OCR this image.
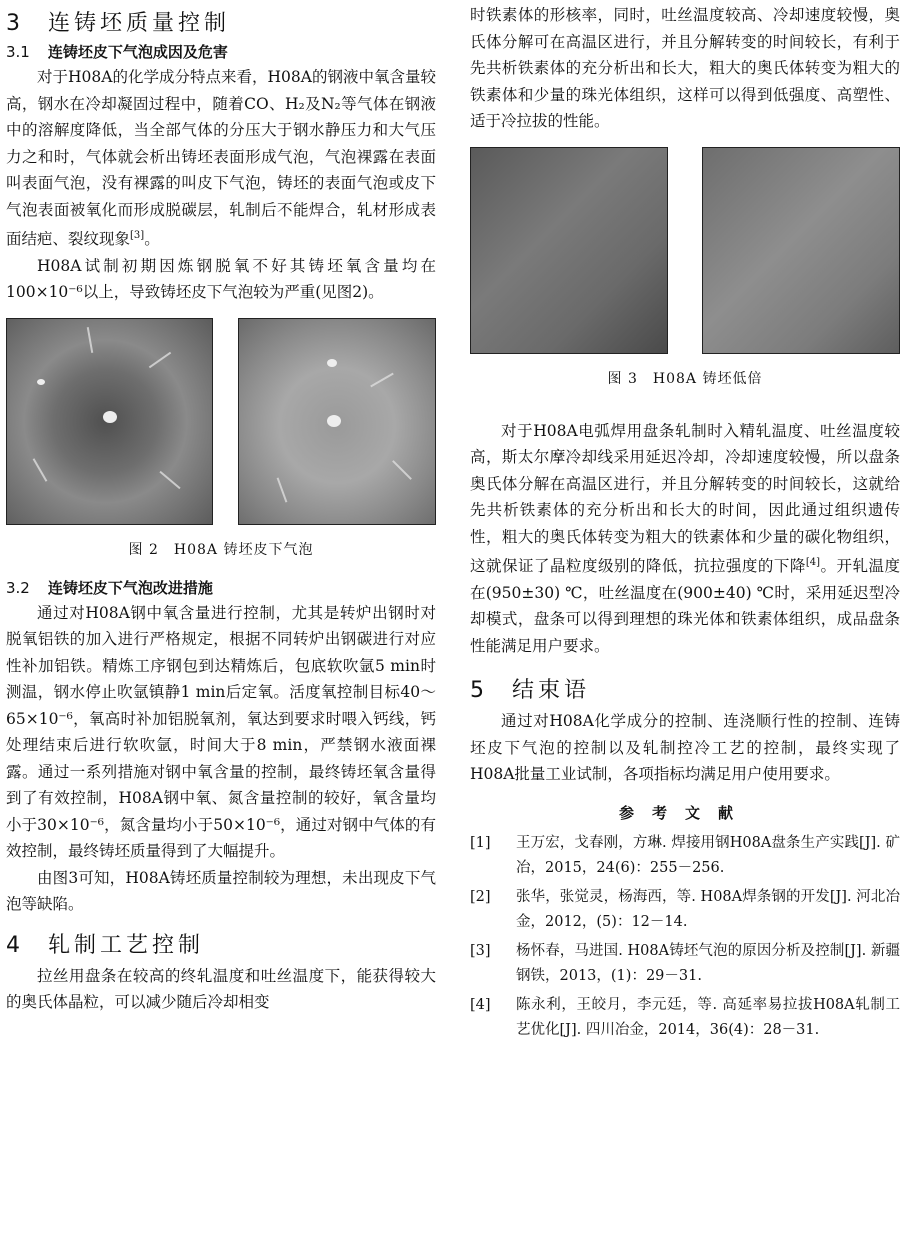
3 连铸坯质量控制
3.1 连铸坯皮下气泡成因及危害

对于H08A的化学成分特点来看，H08A的钢液中氧含量较高，钢水在冷却凝固过程中，随着CO、H₂及N₂等气体在钢液中的溶解度降低，当全部气体的分压大于钢水静压力和大气压力之和时，气体就会析出铸坯表面形成气泡，气泡裸露在表面叫表面气泡，没有裸露的叫皮下气泡，铸坯的表面气泡或皮下气泡表面被氧化而形成脱碳层，轧制后不能焊合，轧材形成表面结疤、裂纹现象[3]。

H08A试制初期因炼钢脱氧不好其铸坯氧含量均在100×10⁻⁶以上，导致铸坯皮下气泡较为严重(见图2)。

图 2　H08A 铸坯皮下气泡
3.2 连铸坯皮下气泡改进措施

通过对H08A钢中氧含量进行控制，尤其是转炉出钢时对脱氧铝铁的加入进行严格规定，根据不同转炉出钢碳进行对应性补加铝铁。精炼工序钢包到达精炼后，包底软吹氩5 min时测温，钢水停止吹氩镇静1 min后定氧。活度氧控制目标40～65×10⁻⁶，氧高时补加铝脱氧剂，氧达到要求时喂入钙线，钙处理结束后进行软吹氩，时间大于8 min，严禁钢水液面裸露。通过一系列措施对钢中氧含量的控制，最终铸坯氧含量得到了有效控制，H08A钢中氧、氮含量控制的较好，氧含量均小于30×10⁻⁶，氮含量均小于50×10⁻⁶，通过对钢中气体的有效控制，最终铸坯质量得到了大幅提升。

由图3可知，H08A铸坯质量控制较为理想，未出现皮下气泡等缺陷。

4 轧制工艺控制

拉丝用盘条在较高的终轧温度和吐丝温度下，能获得较大的奥氏体晶粒，可以减少随后冷却相变

时铁素体的形核率，同时，吐丝温度较高、冷却速度较慢，奥氏体分解可在高温区进行，并且分解转变的时间较长，有利于先共析铁素体的充分析出和长大，粗大的奥氏体转变为粗大的铁素体和少量的珠光体组织，这样可以得到低强度、高塑性、适于冷拉拔的性能。

图 3　H08A 铸坯低倍

对于H08A电弧焊用盘条轧制时入精轧温度、吐丝温度较高，斯太尔摩冷却线采用延迟冷却，冷却速度较慢，所以盘条奥氏体分解在高温区进行，并且分解转变的时间较长，这就给先共析铁素体的充分析出和长大的时间，因此通过组织遗传性，粗大的奥氏体转变为粗大的铁素体和少量的碳化物组织，这就保证了晶粒度级别的降低，抗拉强度的下降[4]。开轧温度在(950±30) ℃，吐丝温度在(900±40) ℃时，采用延迟型冷却模式，盘条可以得到理想的珠光体和铁素体组织，成品盘条性能满足用户要求。

5 结束语

通过对H08A化学成分的控制、连浇顺行性的控制、连铸坯皮下气泡的控制以及轧制控冷工艺的控制，最终实现了H08A批量工业试制，各项指标均满足用户使用要求。

参考文献
[1]	王万宏，戈春刚，方琳. 焊接用钢H08A盘条生产实践[J]. 矿冶，2015，24(6)：255－256.
[2]	张华，张觉灵，杨海西，等. H08A焊条钢的开发[J]. 河北冶金，2012，(5)：12－14.
[3]	杨怀春，马进国. H08A铸坯气泡的原因分析及控制[J]. 新疆钢铁，2013，(1)：29－31.
[4]	陈永利，王皎月，李元廷，等. 高延率易拉拔H08A轧制工艺优化[J]. 四川冶金，2014，36(4)：28－31.
